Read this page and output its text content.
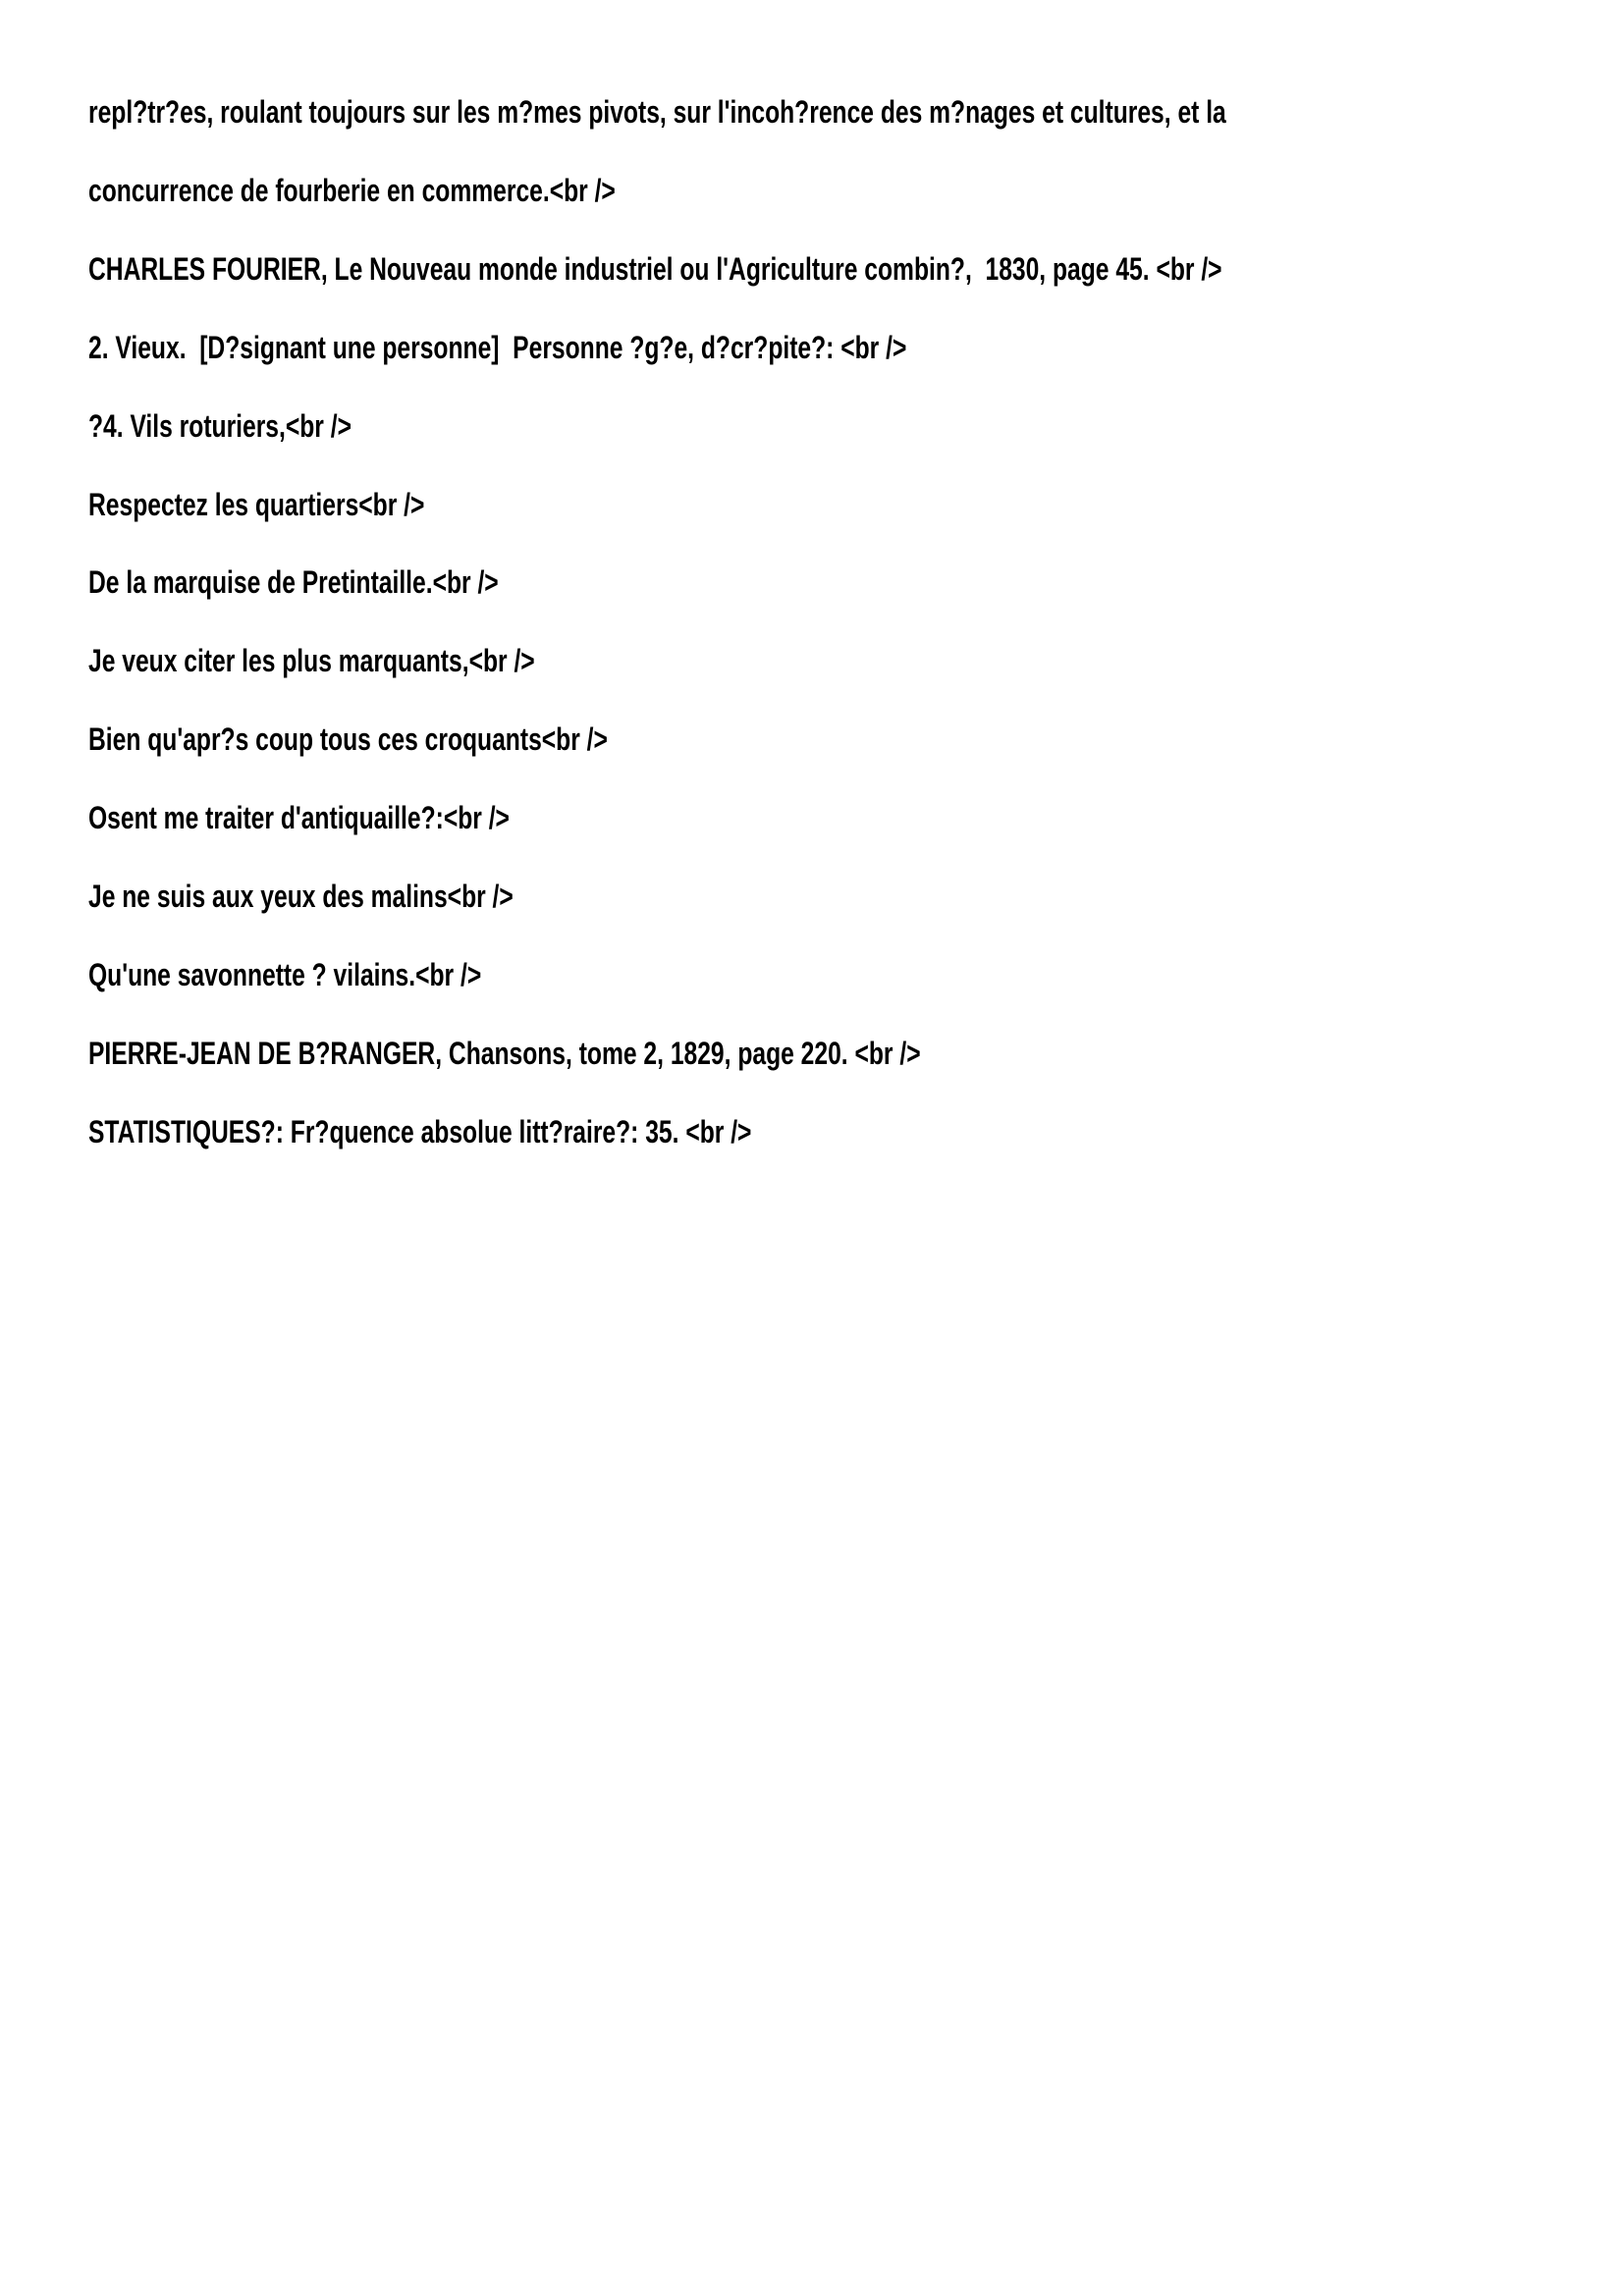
repl?tr?es, roulant toujours sur les m?mes pivots, sur l'incoh?rence des m?nages et cultures, et la
concurrence de fourberie en commerce.<br />
CHARLES FOURIER, Le Nouveau monde industriel ou l'Agriculture combin?,  1830, page 45. <br />
2. Vieux.  [D?signant une personne]  Personne ?g?e, d?cr?pite?: <br />
?4. Vils roturiers,<br />
Respectez les quartiers<br />
De la marquise de Pretintaille.<br />
Je veux citer les plus marquants,<br />
Bien qu'apr?s coup tous ces croquants<br />
Osent me traiter d'antiquaille?:<br />
Je ne suis aux yeux des malins<br />
Qu'une savonnette ? vilains.<br />
PIERRE-JEAN DE B?RANGER, Chansons, tome 2, 1829, page 220. <br />
STATISTIQUES?: Fr?quence absolue litt?raire?: 35. <br />
